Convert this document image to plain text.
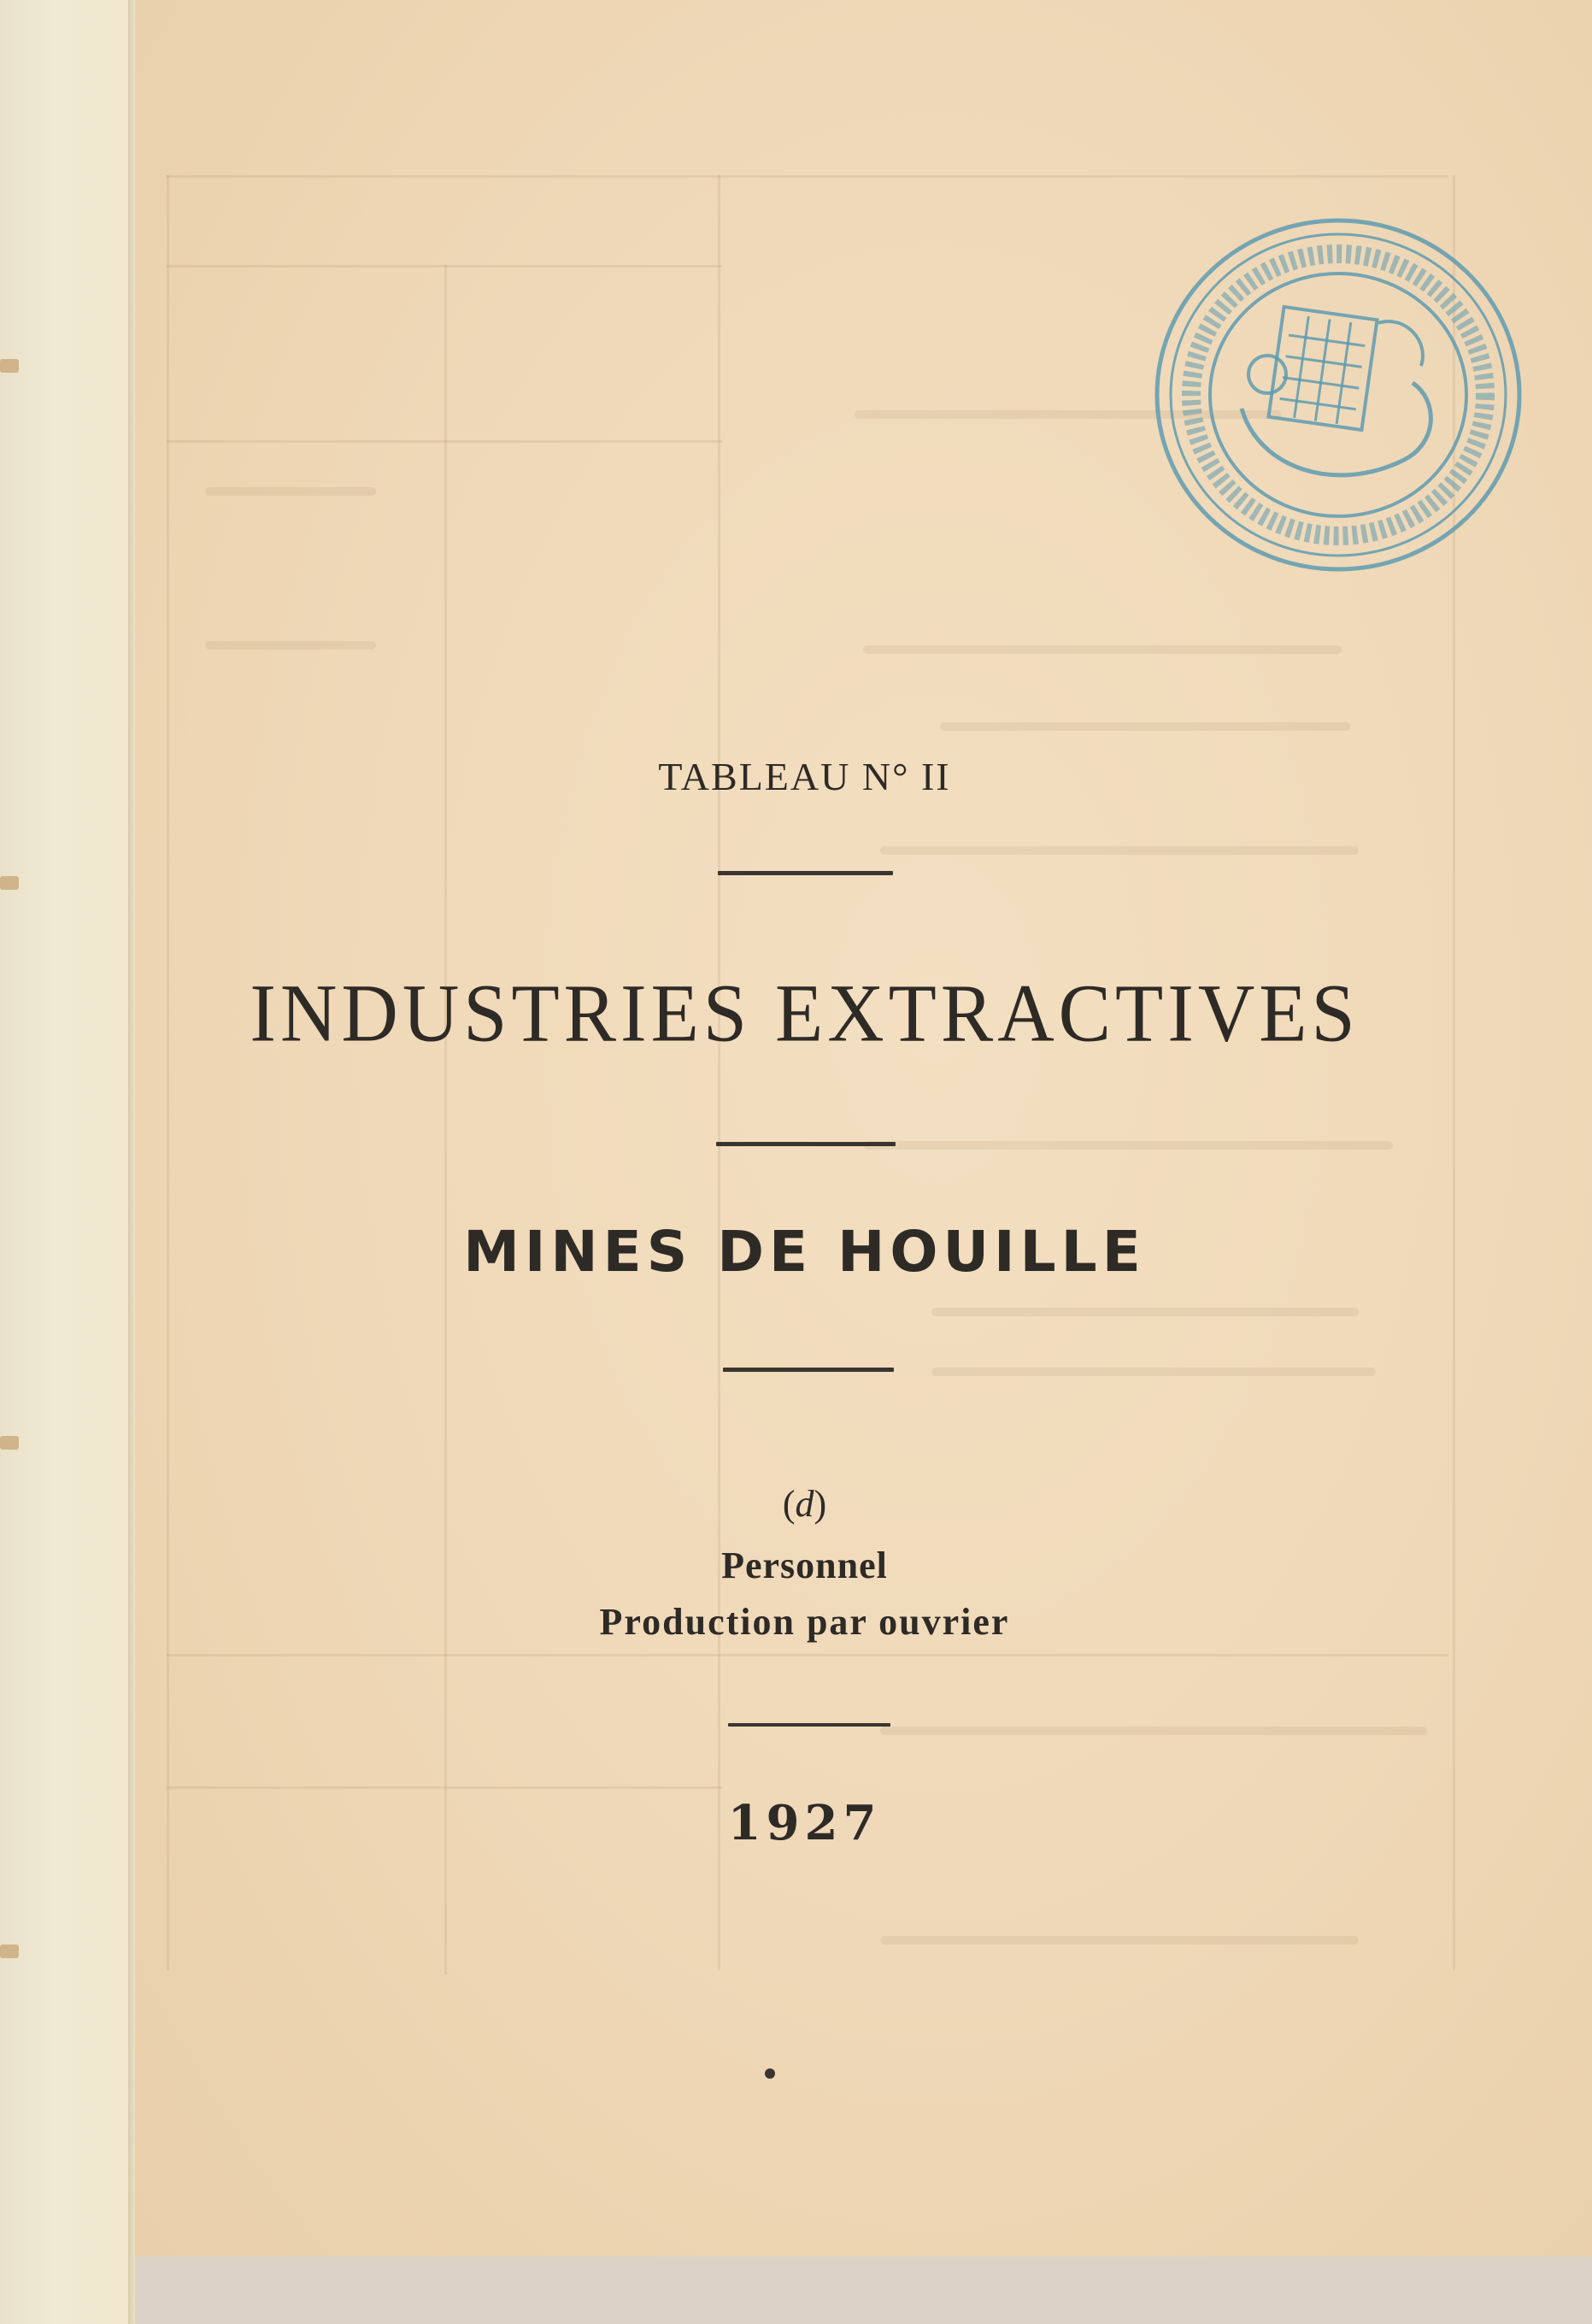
TABLEAU N° II
INDUSTRIES EXTRACTIVES
MINES DE HOUILLE
(d)
Personnel
Production par ouvrier
1927
